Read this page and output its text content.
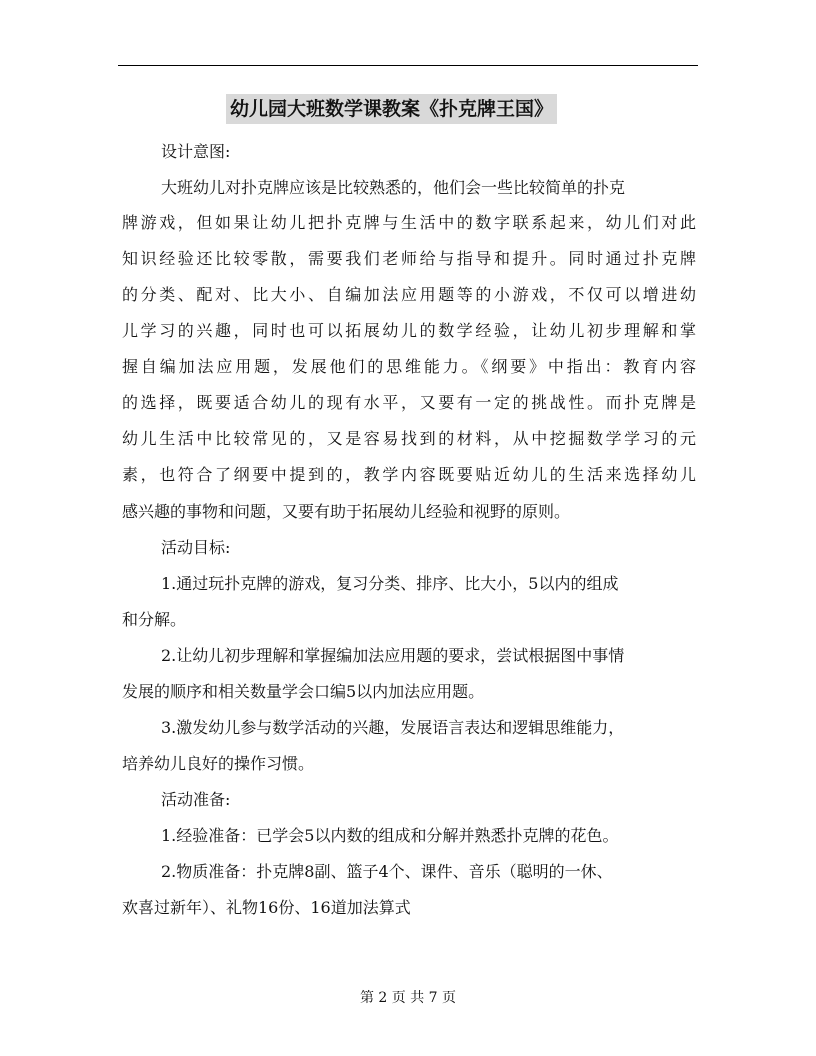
幼儿园大班数学课教案《扑克牌王国》
设计意图:
大班幼儿对扑克牌应该是比较熟悉的，他们会一些比较简单的扑克
牌游戏，但如果让幼儿把扑克牌与生活中的数字联系起来，幼儿们对此
知识经验还比较零散，需要我们老师给与指导和提升。同时通过扑克牌
的分类、配对、比大小、自编加法应用题等的小游戏，不仅可以增进幼
儿学习的兴趣，同时也可以拓展幼儿的数学经验，让幼儿初步理解和掌
握自编加法应用题，发展他们的思维能力。《纲要》中指出：教育内容
的选择，既要适合幼儿的现有水平，又要有一定的挑战性。而扑克牌是
幼儿生活中比较常见的，又是容易找到的材料，从中挖掘数学学习的元
素，也符合了纲要中提到的，教学内容既要贴近幼儿的生活来选择幼儿
感兴趣的事物和问题，又要有助于拓展幼儿经验和视野的原则。
活动目标:
1.通过玩扑克牌的游戏，复习分类、排序、比大小，5以内的组成
和分解。
2.让幼儿初步理解和掌握编加法应用题的要求，尝试根据图中事情
发展的顺序和相关数量学会口编5以内加法应用题。
3.激发幼儿参与数学活动的兴趣，发展语言表达和逻辑思维能力，
培养幼儿良好的操作习惯。
活动准备:
1.经验准备：已学会5以内数的组成和分解并熟悉扑克牌的花色。
2.物质准备：扑克牌8副、篮子4个、课件、音乐（聪明的一休、
欢喜过新年）、礼物16份、16道加法算式
第 2 页 共 7 页
